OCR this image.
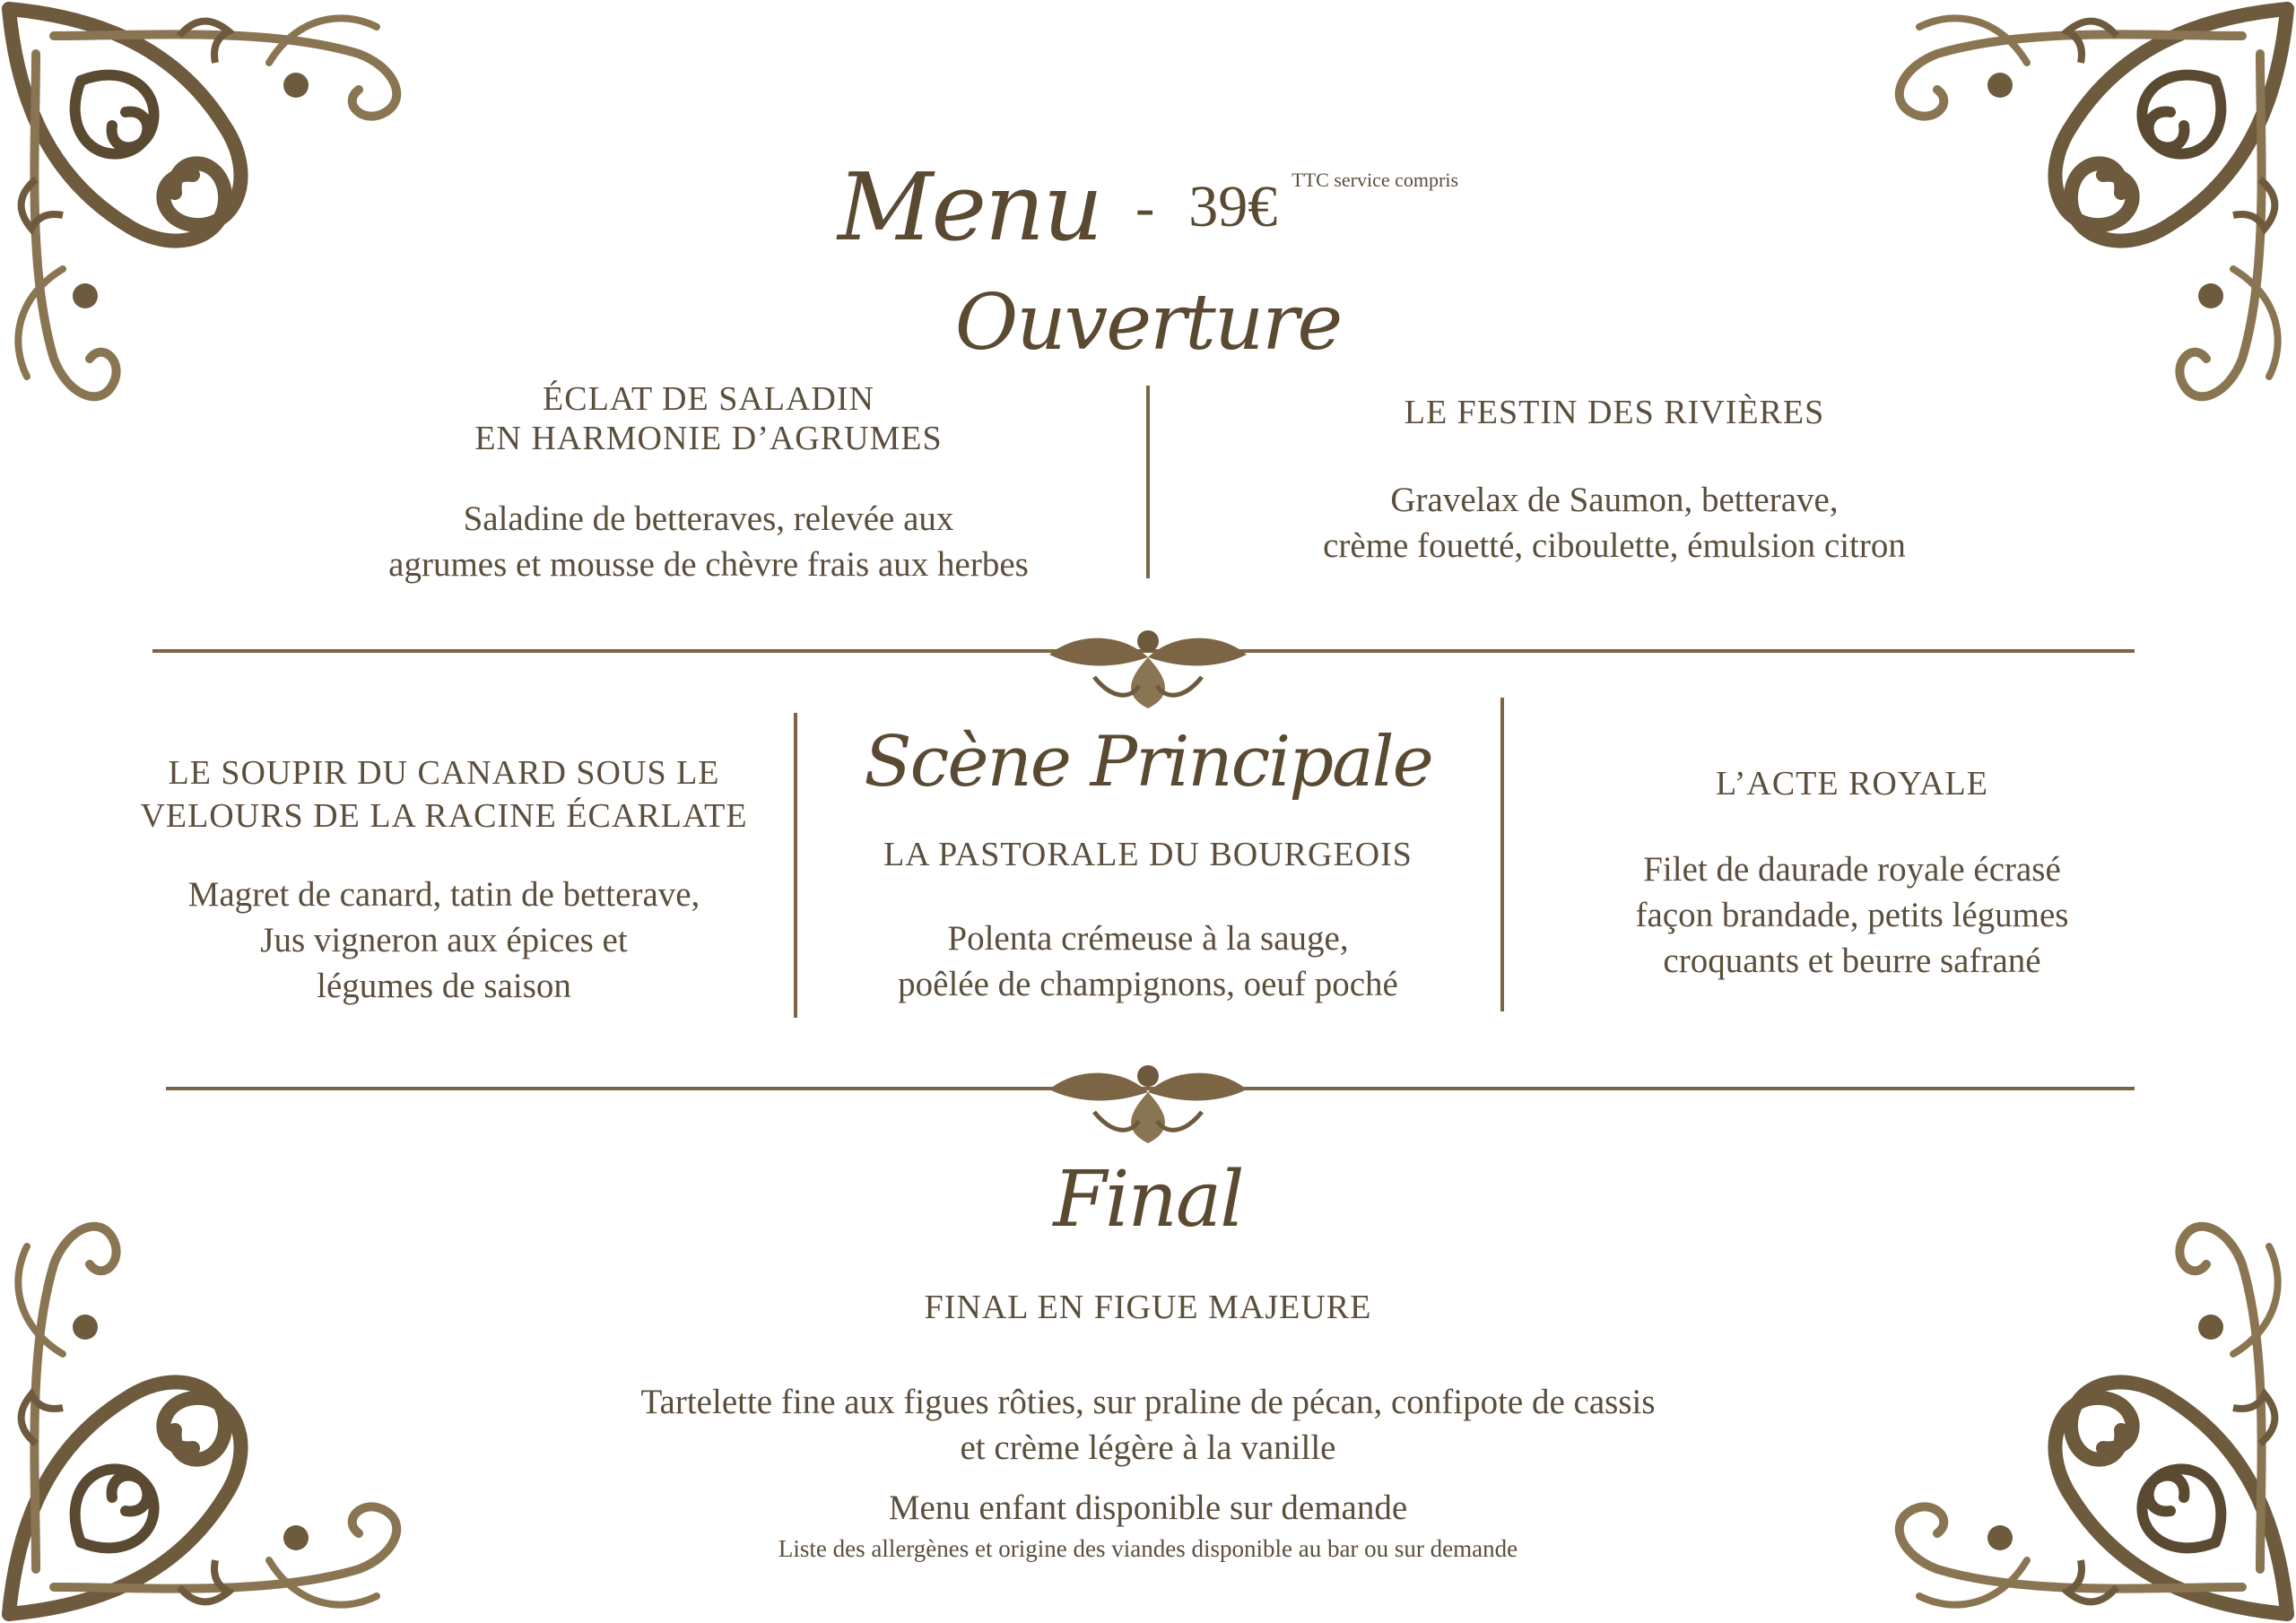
Menu - 39€ TTC service compris
Ouverture
ÉCLAT DE SALADIN
EN HARMONIE D’AGRUMES
Saladine de betteraves, relevée aux
agrumes et mousse de chèvre frais aux herbes
LE FESTIN DES RIVIÈRES
Gravelax de Saumon, betterave,
crème fouetté, ciboulette, émulsion citron
LE SOUPIR DU CANARD SOUS LE
VELOURS DE LA RACINE ÉCARLATE
Magret de canard, tatin de betterave,
Jus vigneron aux épices et
légumes de saison
Scène Principale
LA PASTORALE DU BOURGEOIS
Polenta crémeuse à la sauge,
poêlée de champignons, oeuf poché
L’ACTE ROYALE
Filet de daurade royale écrasé
façon brandade, petits légumes
croquants et beurre safrané
Final
FINAL EN FIGUE MAJEURE
Tartelette fine aux figues rôties, sur praline de pécan, confipote de cassis
et crème légère à la vanille
Menu enfant disponible sur demande
Liste des allergènes et origine des viandes disponible au bar ou sur demande
